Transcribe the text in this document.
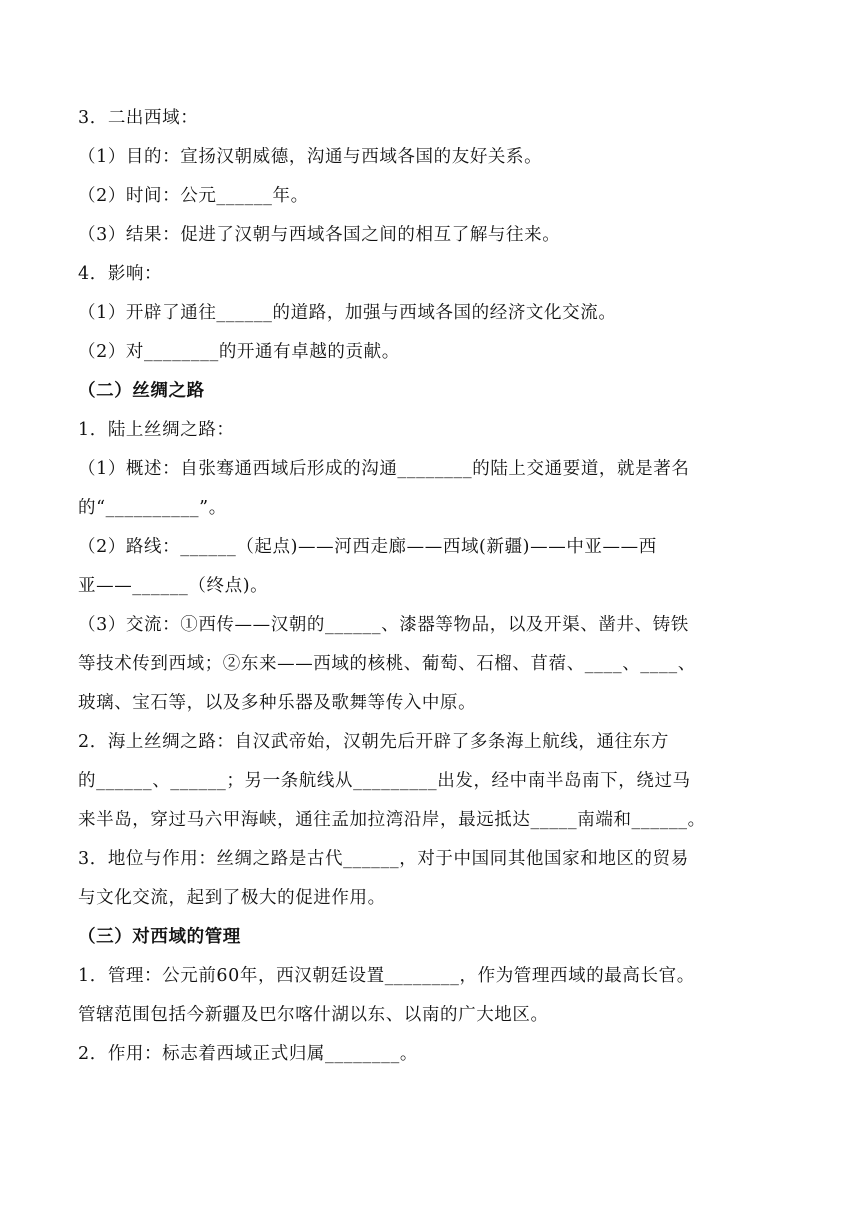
3．二出西域：
（1）目的：宣扬汉朝威德，沟通与西域各国的友好关系。
（2）时间：公元______年。
（3）结果：促进了汉朝与西域各国之间的相互了解与往来。
4．影响：
（1）开辟了通往______的道路，加强与西域各国的经济文化交流。
（2）对________的开通有卓越的贡献。
（二）丝绸之路
1．陆上丝绸之路：
（1）概述：自张骞通西域后形成的沟通________的陆上交通要道，就是著名
的“__________”。
（2）路线：______（起点)——河西走廊——西域(新疆)——中亚——西
亚——______（终点)。
（3）交流：①西传——汉朝的______、漆器等物品，以及开渠、凿井、铸铁
等技术传到西域；②东来——西域的核桃、葡萄、石榴、苜蓿、____、____、
玻璃、宝石等，以及多种乐器及歌舞等传入中原。
2．海上丝绸之路：自汉武帝始，汉朝先后开辟了多条海上航线，通往东方
的______、______；另一条航线从_________出发，经中南半岛南下，绕过马
来半岛，穿过马六甲海峡，通往孟加拉湾沿岸，最远抵达_____南端和______。
3．地位与作用：丝绸之路是古代______，对于中国同其他国家和地区的贸易
与文化交流，起到了极大的促进作用。
（三）对西域的管理
1．管理：公元前60年，西汉朝廷设置________，作为管理西域的最高长官。
管辖范围包括今新疆及巴尔喀什湖以东、以南的广大地区。
2．作用：标志着西域正式归属________。
